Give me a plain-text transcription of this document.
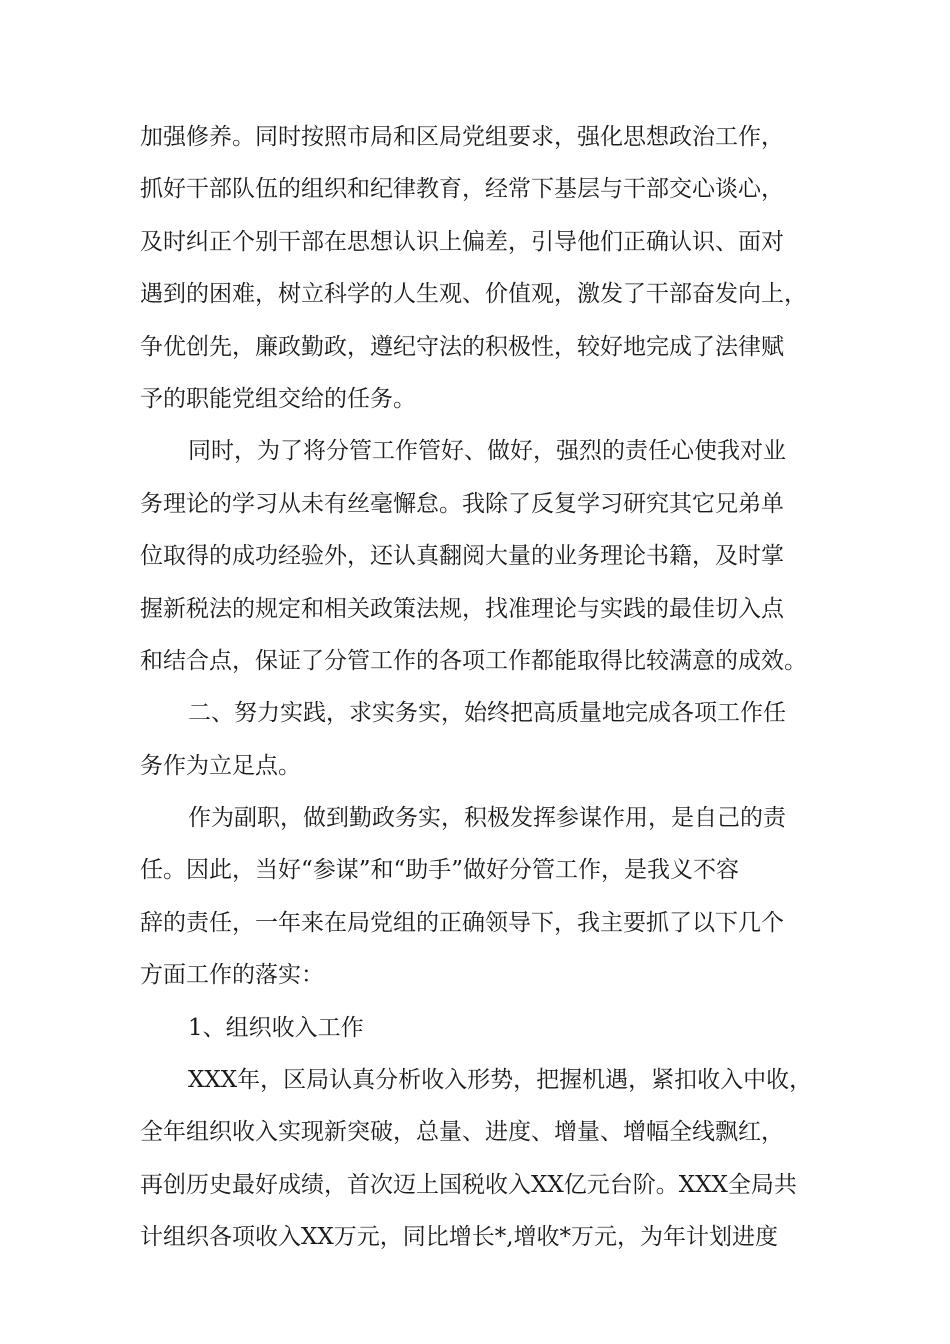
加强修养。同时按照市局和区局党组要求，强化思想政治工作，
抓好干部队伍的组织和纪律教育，经常下基层与干部交心谈心，
及时纠正个别干部在思想认识上偏差，引导他们正确认识、面对
遇到的困难，树立科学的人生观、价值观，激发了干部奋发向上，
争优创先，廉政勤政，遵纪守法的积极性，较好地完成了法律赋
予的职能党组交给的任务。
同时，为了将分管工作管好、做好，强烈的责任心使我对业
务理论的学习从未有丝毫懈怠。我除了反复学习研究其它兄弟单
位取得的成功经验外，还认真翻阅大量的业务理论书籍，及时掌
握新税法的规定和相关政策法规，找准理论与实践的最佳切入点
和结合点，保证了分管工作的各项工作都能取得比较满意的成效。
二、努力实践，求实务实，始终把高质量地完成各项工作任
务作为立足点。
作为副职，做到勤政务实，积极发挥参谋作用，是自己的责
任。因此，当好“参谋”和“助手”做好分管工作，是我义不容
辞的责任，一年来在局党组的正确领导下，我主要抓了以下几个
方面工作的落实：
1、组织收入工作
XXX年，区局认真分析收入形势，把握机遇，紧扣收入中收，
全年组织收入实现新突破，总量、进度、增量、增幅全线飘红，
再创历史最好成绩，首次迈上国税收入XX亿元台阶。XXX全局共
计组织各项收入XX万元，同比增长*,增收*万元，为年计划进度
